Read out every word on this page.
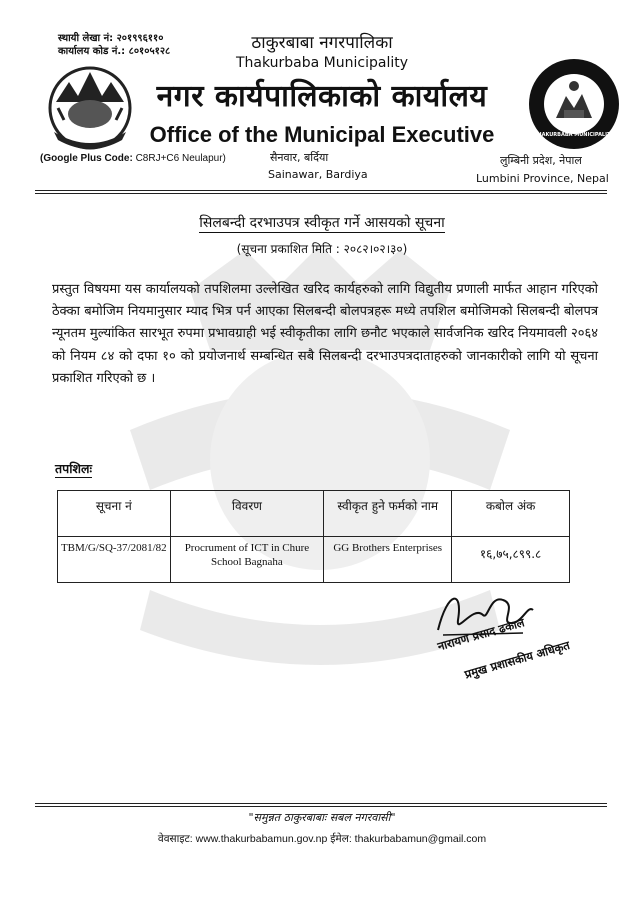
THAKURBABA MUNICIPALITY
स्थायी लेखा नं: २०१९९६११०
कार्यालय कोड नं.: ८०१०५१२८	ठाकुरबाबा नगरपालिका
Thakurbaba Municipality
नगर कार्यपालिकाको कार्यालय
Office of the Municipal Executive
(Google Plus Code: C8RJ+C6 Neulapur)	सैनवार, बर्दिया
Sainawar, Bardiya
लुम्बिनी प्रदेश, नेपाल
Lumbini Province, Nepal
सिलबन्दी दरभाउपत्र स्वीकृत गर्ने आसयको सूचना
(सूचना प्रकाशित मिति : २०८२।०२।३०)
प्रस्तुत विषयमा यस कार्यालयको तपशिलमा उल्लेखित खरिद कार्यहरुको लागि विद्युतीय प्रणाली मार्फत आहान गरिएको ठेक्का बमोजिम नियमानुसार म्याद भित्र पर्न आएका सिलबन्दी बोलपत्रहरू मध्ये तपशिल बमोजिमको सिलबन्दी बोलपत्र न्यूनतम मुल्यांकित सारभूत रुपमा प्रभावग्राही भई स्वीकृतीका लागि छनौट भएकाले सार्वजनिक खरिद नियमावली २०६४ को नियम ८४ को दफा १० को प्रयोजनार्थ सम्बन्धित सबै सिलबन्दी दरभाउपत्रदाताहरुको जानकारीको लागि यो सूचना प्रकाशित गरिएको छ ।
तपशिलः
सूचना नं	विवरण	स्वीकृत हुने फर्मको नाम	कबोल अंक
TBM/G/SQ-37/2081/82	Procrument of ICT in Chure School Bagnaha	GG Brothers Enterprises	१६,७५,८९९.८
नारायण प्रसाद ढकाल
प्रमुख प्रशासकीय अधिकृत
"समुन्नत ठाकुरबाबाः सबल नगरवासी"
वेवसाइट: www.thakurbabamun.gov.np ईमेल: thakurbabamun@gmail.com
